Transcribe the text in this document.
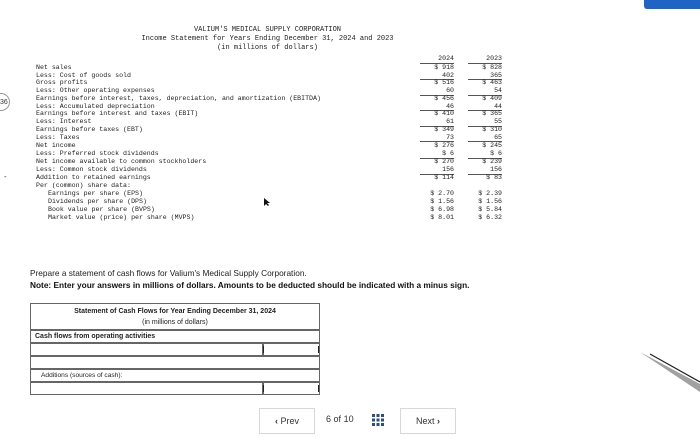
36
-
VALIUM'S MEDICAL SUPPLY CORPORATION
Income Statement for Years Ending December 31, 2024 and 2023
(in millions of dollars)
2024	2023
Net sales	$ 918	$ 828
Less: Cost of goods sold	402	365
Gross profits	$ 516	$ 463
Less: Other operating expenses	60	54
Earnings before interest, taxes, depreciation, and amortization (EBITDA)	$ 456	$ 409
Less: Accumulated depreciation	46	44
Earnings before interest and taxes (EBIT)	$ 410	$ 365
Less: Interest	61	55
Earnings before taxes (EBT)	$ 349	$ 310
Less: Taxes	73	65
Net income	$ 276	$ 245
Less: Preferred stock dividends	$ 6	$ 6
Net income available to common stockholders	$ 270	$ 239
Less: Common stock dividends	156	156
Addition to retained earnings	$ 114	$ 83
Per (common) share data:
Earnings per share (EPS)	$ 2.70	$ 2.39
Dividends per share (DPS)	$ 1.56	$ 1.56
Book value per share (BVPS)	$ 6.98	$ 5.84
Market value (price) per share (MVPS)	$ 8.01	$ 6.32
Prepare a statement of cash flows for Valium's Medical Supply Corporation.
Note: Enter your answers in millions of dollars. Amounts to be deducted should be indicated with a minus sign.
Statement of Cash Flows for Year Ending December 31, 2024
(in millions of dollars)
Cash flows from operating activities
Additions (sources of cash):
‹ Prev	6 of 10	Next ›
